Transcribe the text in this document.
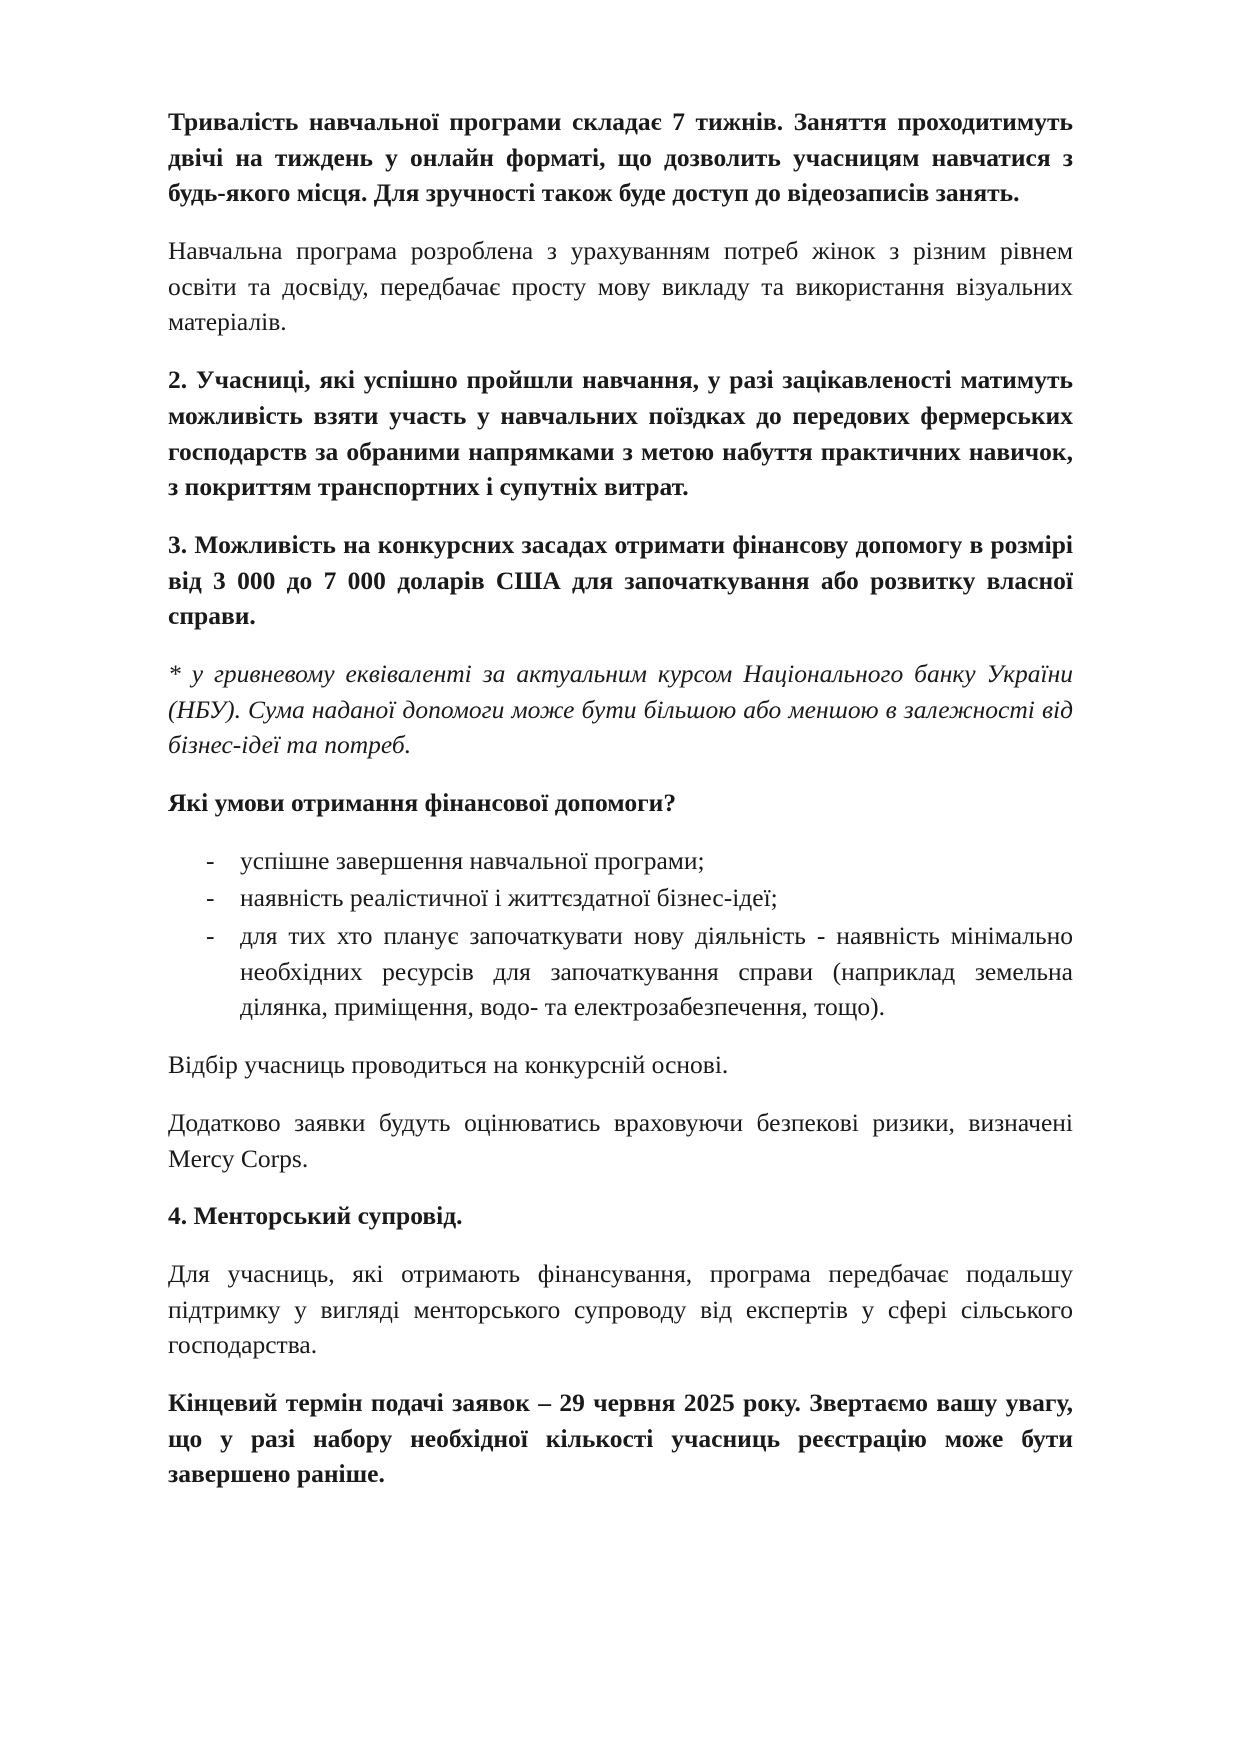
Тривалість навчальної програми складає 7 тижнів. Заняття проходитимуть двічі на тиждень у онлайн форматі, що дозволить учасницям навчатися з будь-якого місця. Для зручності також буде доступ до відеозаписів занять.

Навчальна програма розроблена з урахуванням потреб жінок з різним рівнем освіти та досвіду, передбачає просту мову викладу та використання візуальних матеріалів.

2. Учасниці, які успішно пройшли навчання, у разі зацікавленості матимуть можливість взяти участь у навчальних поїздках до передових фермерських господарств за обраними напрямками з метою набуття практичних навичок, з покриттям транспортних і супутніх витрат.

3. Можливість на конкурсних засадах отримати фінансову допомогу в розмірі від 3 000 до 7 000 доларів США для започаткування або розвитку власної справи.

* у гривневому еквіваленті за актуальним курсом Національного банку України (НБУ). Сума наданої допомоги може бути більшою або меншою в залежності від бізнес-ідеї та потреб.

Які умови отримання фінансової допомоги?

- успішне завершення навчальної програми;
- наявність реалістичної і життєздатної бізнес-ідеї;
- для тих хто планує започаткувати нову діяльність - наявність мінімально необхідних ресурсів для започаткування справи (наприклад земельна ділянка, приміщення, водо- та електрозабезпечення, тощо).

Відбір учасниць проводиться на конкурсній основі.

Додатково заявки будуть оцінюватись враховуючи безпекові ризики, визначені Mercy Corps.

4. Менторський супровід.

Для учасниць, які отримають фінансування, програма передбачає подальшу підтримку у вигляді менторського супроводу від експертів у сфері сільського господарства.

Кінцевий термін подачі заявок – 29 червня 2025 року. Звертаємо вашу увагу, що у разі набору необхідної кількості учасниць реєстрацію може бути завершено раніше.
